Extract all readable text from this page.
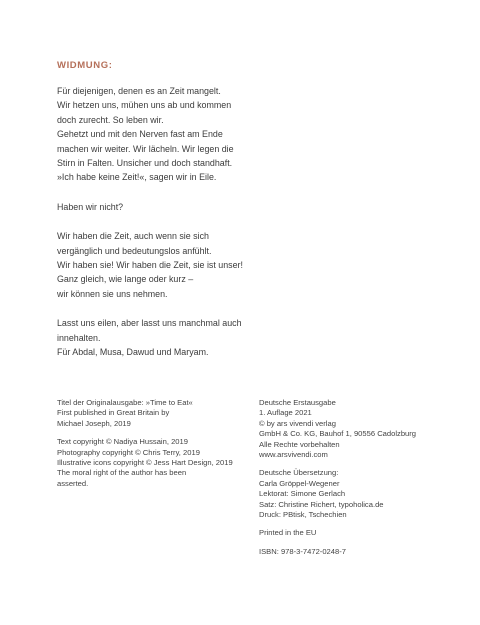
WIDMUNG:
Für diejenigen, denen es an Zeit mangelt.
Wir hetzen uns, mühen uns ab und kommen
doch zurecht. So leben wir.
Gehetzt und mit den Nerven fast am Ende
machen wir weiter. Wir lächeln. Wir legen die
Stirn in Falten. Unsicher und doch standhaft.
»Ich habe keine Zeit!«, sagen wir in Eile.
Haben wir nicht?
Wir haben die Zeit, auch wenn sie sich
vergänglich und bedeutungslos anfühlt.
Wir haben sie! Wir haben die Zeit, sie ist unser!
Ganz gleich, wie lange oder kurz –
wir können sie uns nehmen.
Lasst uns eilen, aber lasst uns manchmal auch
innehalten.
Für Abdal, Musa, Dawud und Maryam.
Titel der Originalausgabe: »Time to Eat«
First published in Great Britain by
Michael Joseph, 2019
Text copyright © Nadiya Hussain, 2019
Photography copyright © Chris Terry, 2019
Illustrative icons copyright © Jess Hart Design, 2019
The moral right of the author has been
asserted.
Deutsche Erstausgabe
1. Auflage 2021
© by ars vivendi verlag
GmbH & Co. KG, Bauhof 1, 90556 Cadolzburg
Alle Rechte vorbehalten
www.arsvivendi.com
Deutsche Übersetzung:
Carla Gröppel-Wegener
Lektorat: Simone Gerlach
Satz: Christine Richert, typoholica.de
Druck: PBtisk, Tschechien
Printed in the EU
ISBN: 978-3-7472-0248-7
